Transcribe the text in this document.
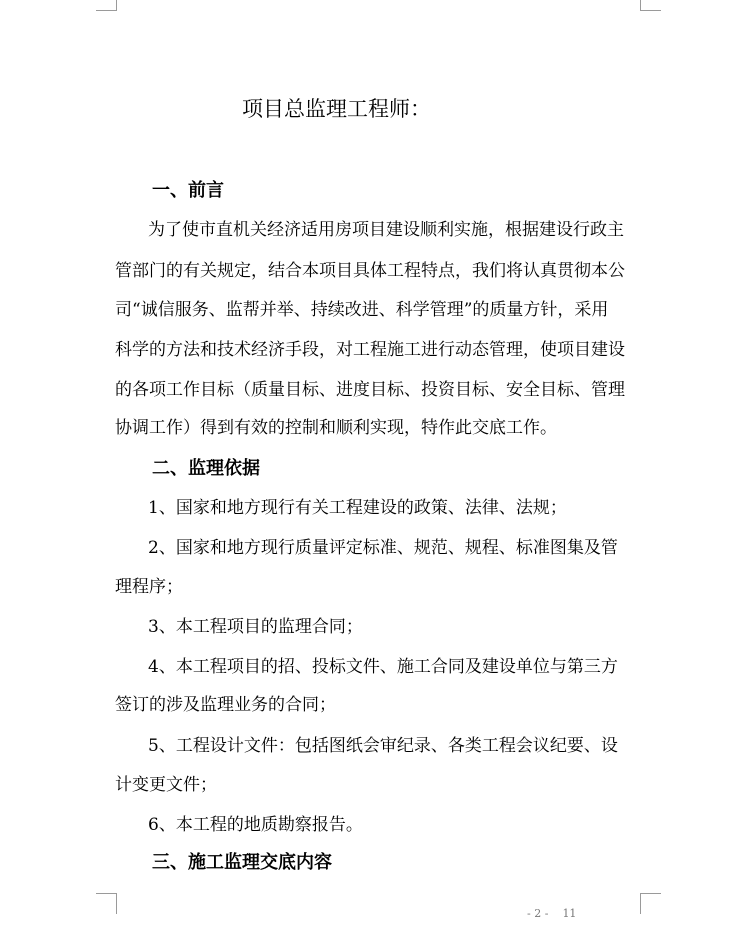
项目总监理工程师：
一、前言
为了使市直机关经济适用房项目建设顺利实施，根据建设行政主
管部门的有关规定，结合本项目具体工程特点，我们将认真贯彻本公
司“诚信服务、监帮并举、持续改进、科学管理”的质量方针，采用
科学的方法和技术经济手段，对工程施工进行动态管理，使项目建设
的各项工作目标（质量目标、进度目标、投资目标、安全目标、管理
协调工作）得到有效的控制和顺利实现，特作此交底工作。
二、监理依据
1、国家和地方现行有关工程建设的政策、法律、法规；
2、国家和地方现行质量评定标准、规范、规程、标准图集及管
理程序；
3、本工程项目的监理合同；
4、本工程项目的招、投标文件、施工合同及建设单位与第三方
签订的涉及监理业务的合同；
5、工程设计文件：包括图纸会审纪录、各类工程会议纪要、设
计变更文件；
6、本工程的地质勘察报告。
三、施工监理交底内容
- 2 - 11
